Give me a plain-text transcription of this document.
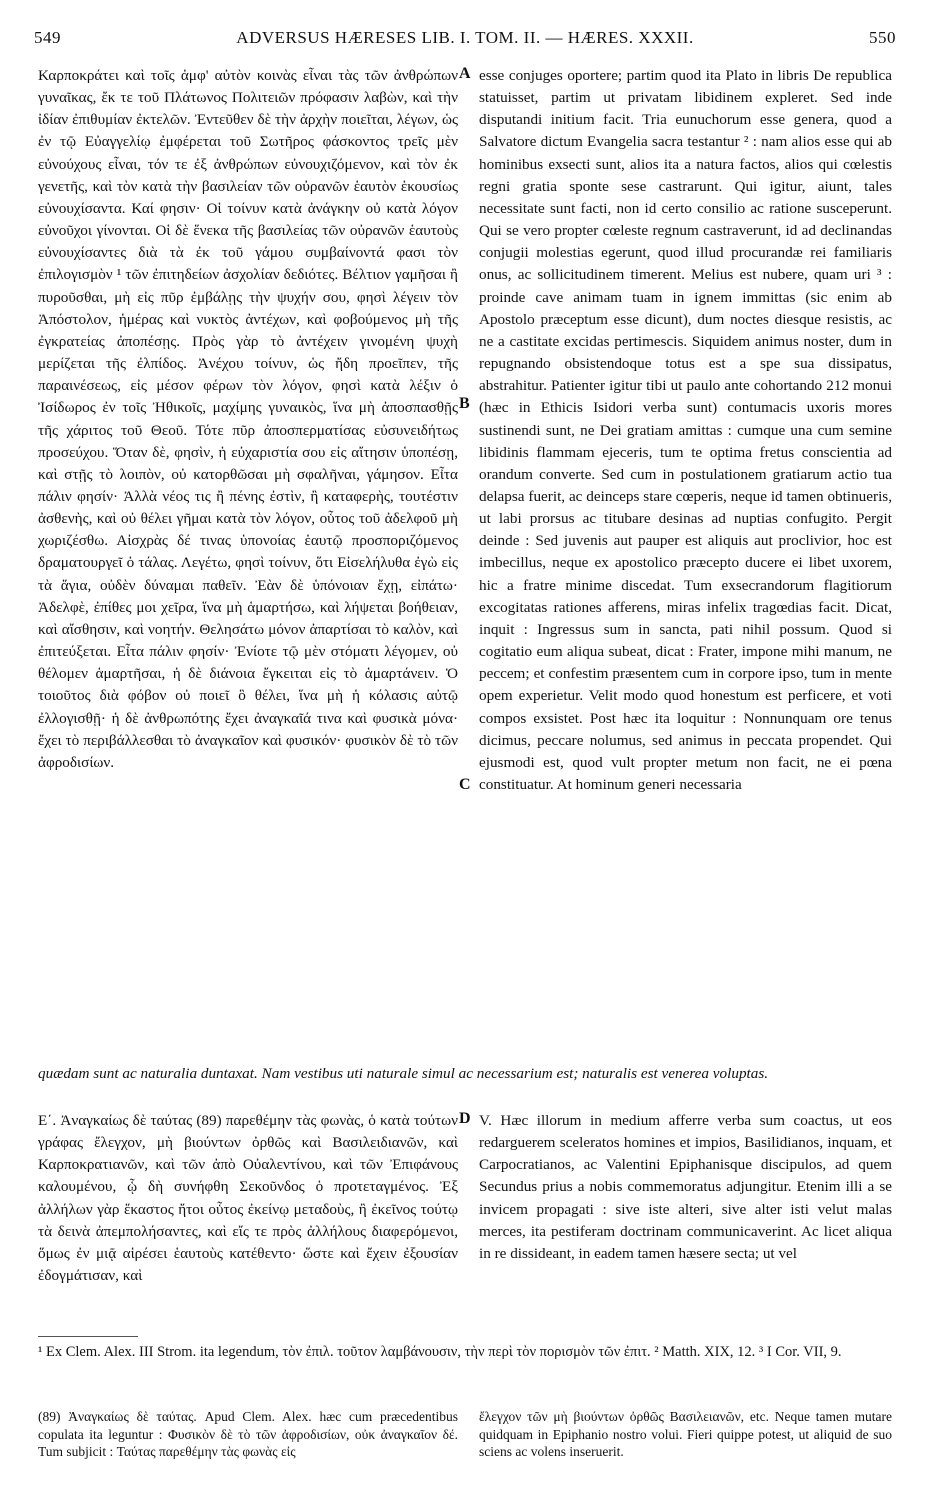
549	ADVERSUS HÆRESES LIB. I. TOM. II. — HÆRES. XXXII.	550

Καρποκράτει καὶ τοῖς ἀμφ' αὐτὸν κοινὰς εἶναι τὰς τῶν ἀνθρώπων γυναῖκας, ἔκ τε τοῦ Πλάτωνος Πολιτειῶν πρόφασιν λαβὼν, καὶ τὴν ἰδίαν ἐπιθυμίαν ἐκτελῶν. Ἐντεῦθεν δὲ τὴν ἀρχὴν ποιεῖται, λέγων, ὡς ἐν τῷ Εὐαγγελίῳ ἐμφέρεται τοῦ Σωτῆρος φάσκοντος τρεῖς μὲν εὐνούχους εἶναι, τόν τε ἐξ ἀνθρώπων εὐνουχιζόμενον, καὶ τὸν ἐκ γενετῆς, καὶ τὸν κατὰ τὴν βασιλείαν τῶν οὐρανῶν ἑαυτὸν ἑκουσίως εὐνουχίσαντα. Καί φησιν· Οἱ τοίνυν κατὰ ἀνάγκην οὐ κατὰ λόγον εὐνοῦχοι γίνονται. Οἱ δὲ ἕνεκα τῆς βασιλείας τῶν οὐρανῶν ἑαυτοὺς εὐνουχίσαντες διὰ τὰ ἐκ τοῦ γάμου συμβαίνοντά φασι τὸν ἐπιλογισμὸν ¹ τῶν ἐπιτηδείων ἀσχολίαν δεδιότες. Βέλτιον γαμῆσαι ἢ πυροῦσθαι, μὴ εἰς πῦρ ἐμβάλῃς τὴν ψυχήν σου, φησὶ λέγειν τὸν Ἀπόστολον, ἡμέρας καὶ νυκτὸς ἀντέχων, καὶ φοβούμενος μὴ τῆς ἐγκρατείας ἀποπέσῃς. Πρὸς γὰρ τὸ ἀντέχειν γινομένη ψυχὴ μερίζεται τῆς ἐλπίδος. Ἀνέχου τοίνυν, ὡς ἤδη προεῖπεν, τῆς παραινέσεως, εἰς μέσον φέρων τὸν λόγον, φησὶ κατὰ λέξιν ὁ Ἰσίδωρος ἐν τοῖς Ἠθικοῖς, μαχίμης γυναικὸς, ἵνα μὴ ἀποσπασθῇς τῆς χάριτος τοῦ Θεοῦ. Τότε πῦρ ἀποσπερματίσας εὐσυνειδήτως προσεύχου. Ὅταν δὲ, φησὶν, ἡ εὐχαριστία σου εἰς αἴτησιν ὑποπέσῃ, καὶ στῇς τὸ λοιπὸν, οὐ κατορθῶσαι μὴ σφαλῆναι, γάμησον. Εἶτα πάλιν φησίν· Ἀλλὰ νέος τις ἢ πένης ἐστὶν, ἢ καταφερὴς, τουτέστιν ἀσθενὴς, καὶ οὐ θέλει γῆμαι κατὰ τὸν λόγον, οὗτος τοῦ ἀδελφοῦ μὴ χωριζέσθω. Αἰσχρὰς δέ τινας ὑπονοίας ἑαυτῷ προσποριζόμενος δραματουργεῖ ὁ τάλας. Λεγέτω, φησὶ τοίνυν, ὅτι Εἰσελήλυθα ἐγὼ εἰς τὰ ἅγια, οὐδὲν δύναμαι παθεῖν. Ἐὰν δὲ ὑπόνοιαν ἔχῃ, εἰπάτω· Ἀδελφὲ, ἐπίθες μοι χεῖρα, ἵνα μὴ ἁμαρτήσω, καὶ λήψεται βοήθειαν, καὶ αἴσθησιν, καὶ νοητήν. Θελησάτω μόνον ἀπαρτίσαι τὸ καλὸν, καὶ ἐπιτεύξεται. Εἶτα πάλιν φησίν· Ἐνίοτε τῷ μὲν στόματι λέγομεν, οὐ θέλομεν ἁμαρτῆσαι, ἡ δὲ διάνοια ἔγκειται εἰς τὸ ἁμαρτάνειν. Ὁ τοιοῦτος διὰ φόβον οὐ ποιεῖ ὃ θέλει, ἵνα μὴ ἡ κόλασις αὐτῷ ἐλλογισθῇ· ἡ δὲ ἀνθρωπότης ἔχει ἀναγκαῖά τινα καὶ φυσικὰ μόνα· ἔχει τὸ περιβάλλεσθαι τὸ ἀναγκαῖον καὶ φυσικόν· φυσικὸν δὲ τὸ τῶν ἀφροδισίων.

A
B
C
D

esse conjuges oportere; partim quod ita Plato in libris De republica statuisset, partim ut privatam libidinem expleret. Sed inde disputandi initium facit. Tria eunuchorum esse genera, quod a Salvatore dictum Evangelia sacra testantur ² : nam alios esse qui ab hominibus exsecti sunt, alios ita a natura factos, alios qui cœlestis regni gratia sponte sese castrarunt. Qui igitur, aiunt, tales necessitate sunt facti, non id certo consilio ac ratione susceperunt. Qui se vero propter cœleste regnum castraverunt, id ad declinandas conjugii molestias egerunt, quod illud procurandæ rei familiaris onus, ac sollicitudinem timerent. Melius est nubere, quam uri ³ : proinde cave animam tuam in ignem immittas (sic enim ab Apostolo præceptum esse dicunt), dum noctes diesque resistis, ac ne a castitate excidas pertimescis. Siquidem animus noster, dum in repugnando obsistendoque totus est a spe sua dissipatus, abstrahitur. Patienter igitur tibi ut paulo ante cohortando 212 monui (hæc in Ethicis Isidori verba sunt) contumacis uxoris mores sustinendi sunt, ne Dei gratiam amittas : cumque una cum semine libidinis flammam ejeceris, tum te optima fretus conscientia ad orandum converte. Sed cum in postulationem gratiarum actio tua delapsa fuerit, ac deinceps stare cœperis, neque id tamen obtinueris, ut labi prorsus ac titubare desinas ad nuptias confugito. Pergit deinde : Sed juvenis aut pauper est aliquis aut proclivior, hoc est imbecillus, neque ex apostolico præcepto ducere ei libet uxorem, hic a fratre minime discedat. Tum exsecrandorum flagitiorum excogitatas rationes afferens, miras infelix tragœdias facit. Dicat, inquit : Ingressus sum in sancta, pati nihil possum. Quod si cogitatio eum aliqua subeat, dicat : Frater, impone mihi manum, ne peccem; et confestim præsentem cum in corpore ipso, tum in mente opem experietur. Velit modo quod honestum est perficere, et voti compos exsistet. Post hæc ita loquitur : Nonnunquam ore tenus dicimus, peccare nolumus, sed animus in peccata propendet. Qui ejusmodi est, quod vult propter metum non facit, ne ei pœna constituatur. At hominum generi necessaria

quædam sunt ac naturalia duntaxat. Nam vestibus uti naturale simul ac necessarium est; naturalis est venerea voluptas.

Ε΄. Ἀναγκαίως δὲ ταύτας (89) παρεθέμην τὰς φωνὰς, ὁ κατὰ τούτων γράφας ἔλεγχον, μὴ βιούντων ὀρθῶς καὶ Βασιλειδιανῶν, καὶ Καρποκρατιανῶν, καὶ τῶν ἀπὸ Οὐαλεντίνου, καὶ τῶν Ἐπιφάνους καλουμένου, ᾧ δὴ συνήφθη Σεκοῦνδος ὁ προτεταγμένος. Ἐξ ἀλλήλων γὰρ ἕκαστος ἤτοι οὗτος ἐκείνῳ μεταδοὺς, ἢ ἐκεῖνος τούτῳ τὰ δεινὰ ἀπεμπολήσαντες, καὶ εἴς τε πρὸς ἀλλήλους διαφερόμενοι, ὅμως ἐν μιᾷ αἱρέσει ἑαυτοὺς κατέθεντο· ὥστε καὶ ἔχειν ἐξουσίαν ἐδογμάτισαν, καὶ

V. Hæc illorum in medium afferre verba sum coactus, ut eos redarguerem sceleratos homines et impios, Basilidianos, inquam, et Carpocratianos, ac Valentini Epiphanisque discipulos, ad quem Secundus prius a nobis commemoratus adjungitur. Etenim illi a se invicem propagati : sive iste alteri, sive alter isti velut malas merces, ita pestiferam doctrinam communicaverint. Ac licet aliqua in re dissideant, in eadem tamen hæsere secta; ut vel

¹ Ex Clem. Alex. III Strom. ita legendum, τὸν ἐπιλ. τοῦτον λαμβάνουσιν, τὴν περὶ τὸν πορισμὸν τῶν ἐπιτ. ² Matth. XIX, 12. ³ I Cor. VII, 9.

(89) Ἀναγκαίως δὲ ταύτας. Apud Clem. Alex. hæc cum præcedentibus copulata ita leguntur : Φυσικὸν δὲ τὸ τῶν ἀφροδισίων, οὐκ ἀναγκαῖον δέ. Tum subjicit : Ταύτας παρεθέμην τὰς φωνὰς εἰς

ἔλεγχον τῶν μὴ βιούντων ὀρθῶς Βασιλειανῶν, etc. Neque tamen mutare quidquam in Epiphanio nostro volui. Fieri quippe potest, ut aliquid de suo sciens ac volens inseruerit.
